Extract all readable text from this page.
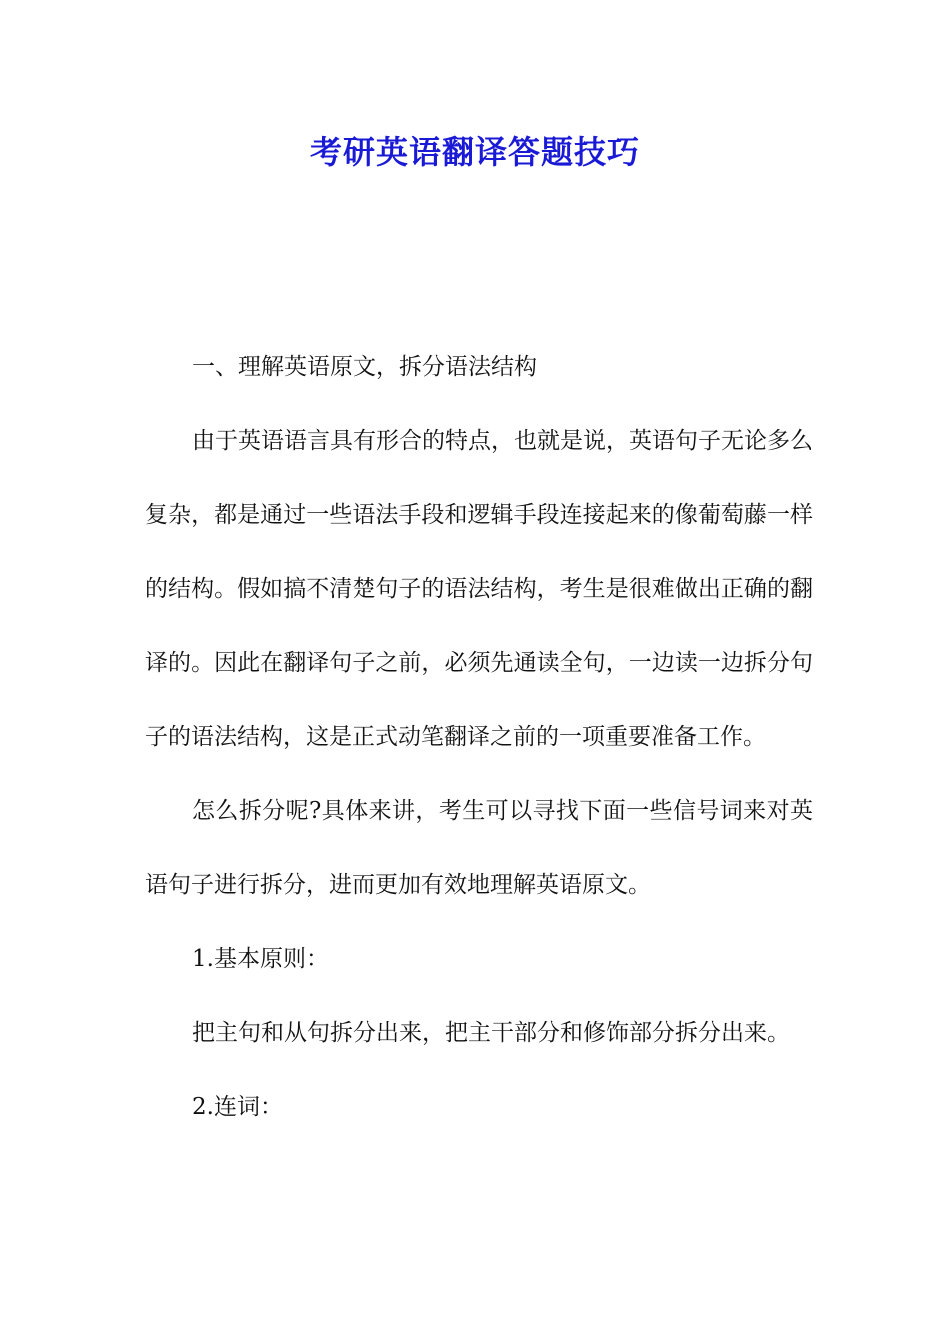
考研英语翻译答题技巧

一、理解英语原文，拆分语法结构

由于英语语言具有形合的特点，也就是说，英语句子无论多么复杂，都是通过一些语法手段和逻辑手段连接起来的像葡萄藤一样的结构。假如搞不清楚句子的语法结构，考生是很难做出正确的翻译的。因此在翻译句子之前，必须先通读全句，一边读一边拆分句子的语法结构，这是正式动笔翻译之前的一项重要准备工作。

怎么拆分呢?具体来讲，考生可以寻找下面一些信号词来对英语句子进行拆分，进而更加有效地理解英语原文。

1.基本原则：

把主句和从句拆分出来，把主干部分和修饰部分拆分出来。

2.连词：
